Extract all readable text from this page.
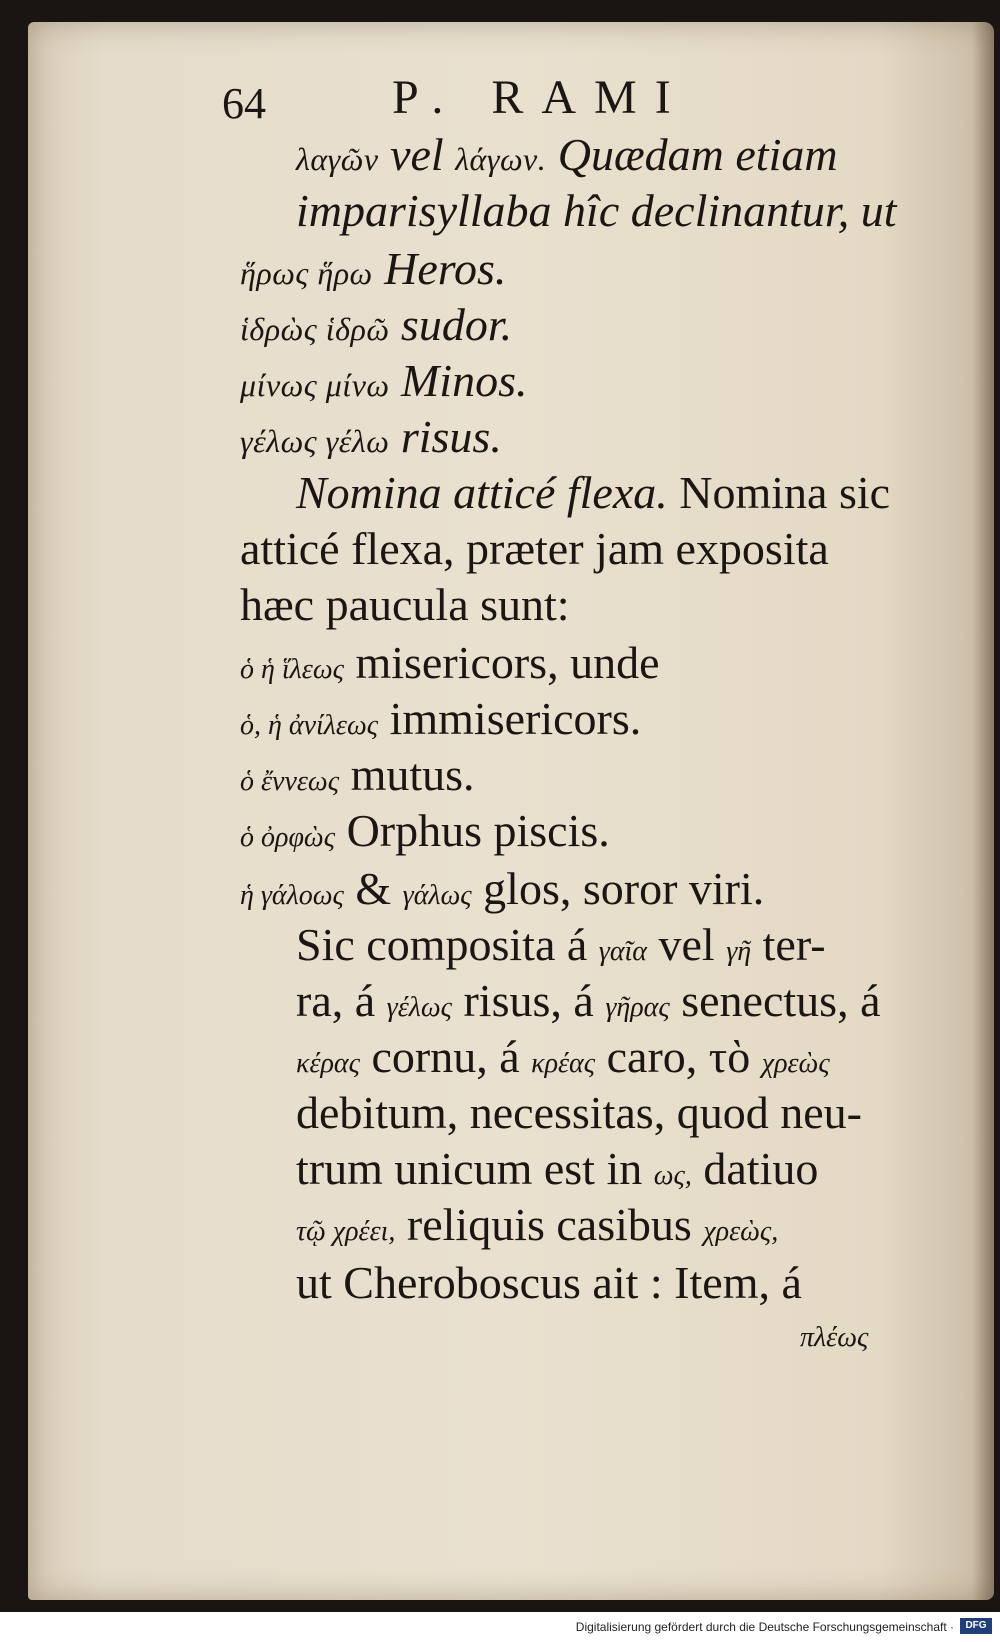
64	P. RAMI
λαγῶν vel λάγων. Quædam etiam
imparisyllaba hîc declinantur, ut
ἥρως ἥρω Heros.
ἱδρὼς ἱδρῶ sudor.
μίνως μίνω Minos.
γέλως γέλω risus.
Nomina atticé flexa. Nomina sic
atticé flexa, præter jam exposita
hæc paucula sunt:
ὁ ἡ ἵλεως misericors, unde
ὁ, ἡ ἀνίλεως immisericors.
ὁ ἔννεως mutus.
ὁ ὀρφὼς Orphus piscis.
ἡ γάλοως & γάλως glos, soror viri.
Sic composita á γαῖα vel γῆ ter-
ra, á γέλως risus, á γῆρας senectus, á
κέρας cornu, á κρέας caro, τὸ χρεὼς
debitum, necessitas, quod neu-
trum unicum est in ως, datiuo
τῷ χρέει, reliquis casibus χρεὼς,
ut Cheroboscus ait : Item, á
πλέως
Digitalisierung gefördert durch die Deutsche Forschungsgemeinschaft ·	DFG
